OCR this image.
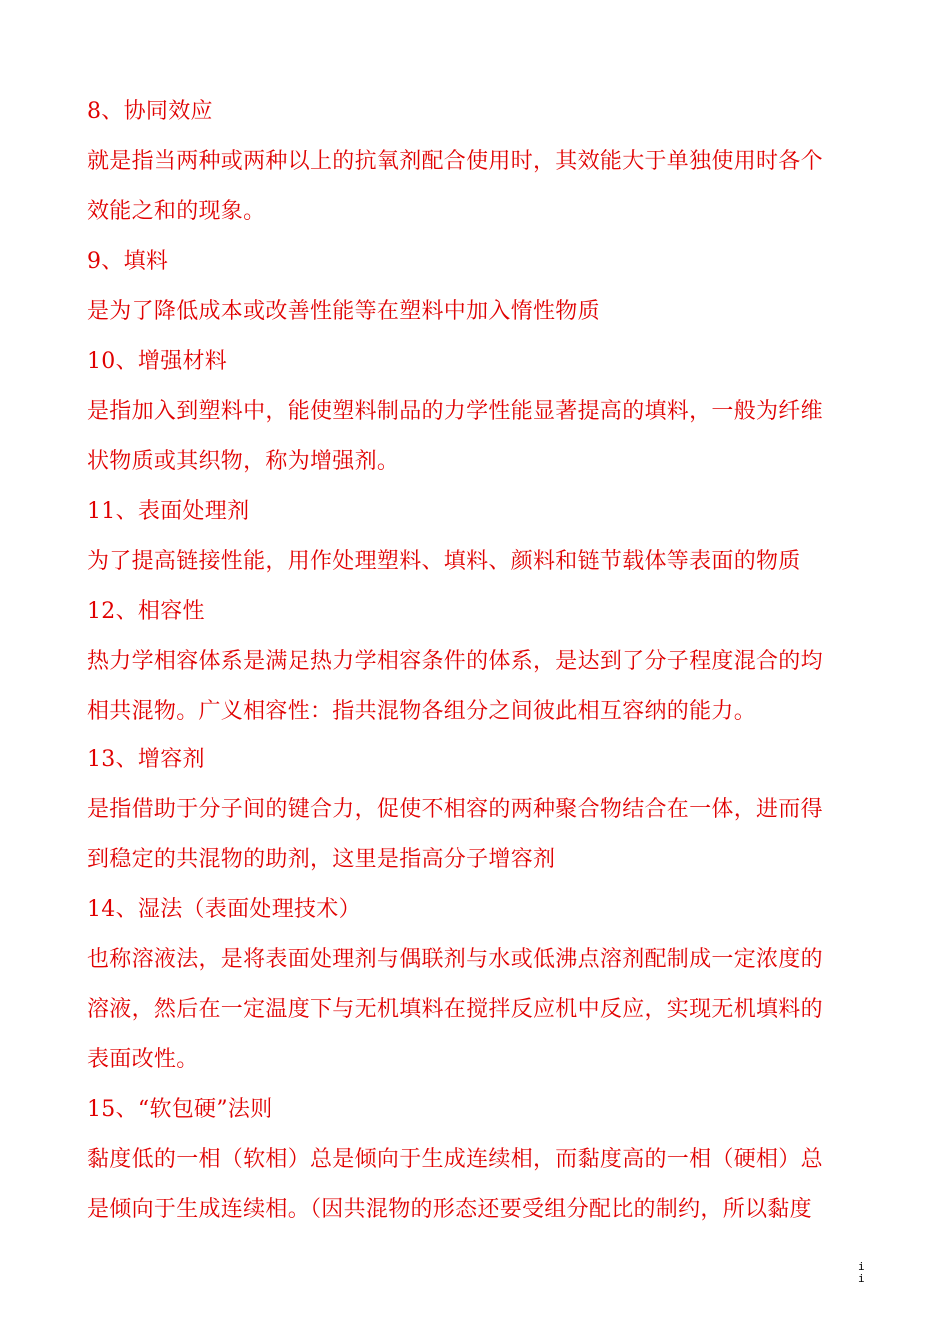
8、协同效应
就是指当两种或两种以上的抗氧剂配合使用时，其效能大于单独使用时各个
效能之和的现象。
9、填料
是为了降低成本或改善性能等在塑料中加入惰性物质
10、增强材料
是指加入到塑料中，能使塑料制品的力学性能显著提高的填料，一般为纤维
状物质或其织物，称为增强剂。
11、表面处理剂
为了提高链接性能，用作处理塑料、填料、颜料和链节载体等表面的物质
12、相容性
热力学相容体系是满足热力学相容条件的体系，是达到了分子程度混合的均
相共混物。广义相容性：指共混物各组分之间彼此相互容纳的能力。
13、增容剂
是指借助于分子间的键合力，促使不相容的两种聚合物结合在一体，进而得
到稳定的共混物的助剂，这里是指高分子增容剂
14、湿法（表面处理技术）
也称溶液法，是将表面处理剂与偶联剂与水或低沸点溶剂配制成一定浓度的
溶液，然后在一定温度下与无机填料在搅拌反应机中反应，实现无机填料的
表面改性。
15、“软包硬”法则
黏度低的一相（软相）总是倾向于生成连续相，而黏度高的一相（硬相）总
是倾向于生成连续相。（因共混物的形态还要受组分配比的制约，所以黏度
i
i
